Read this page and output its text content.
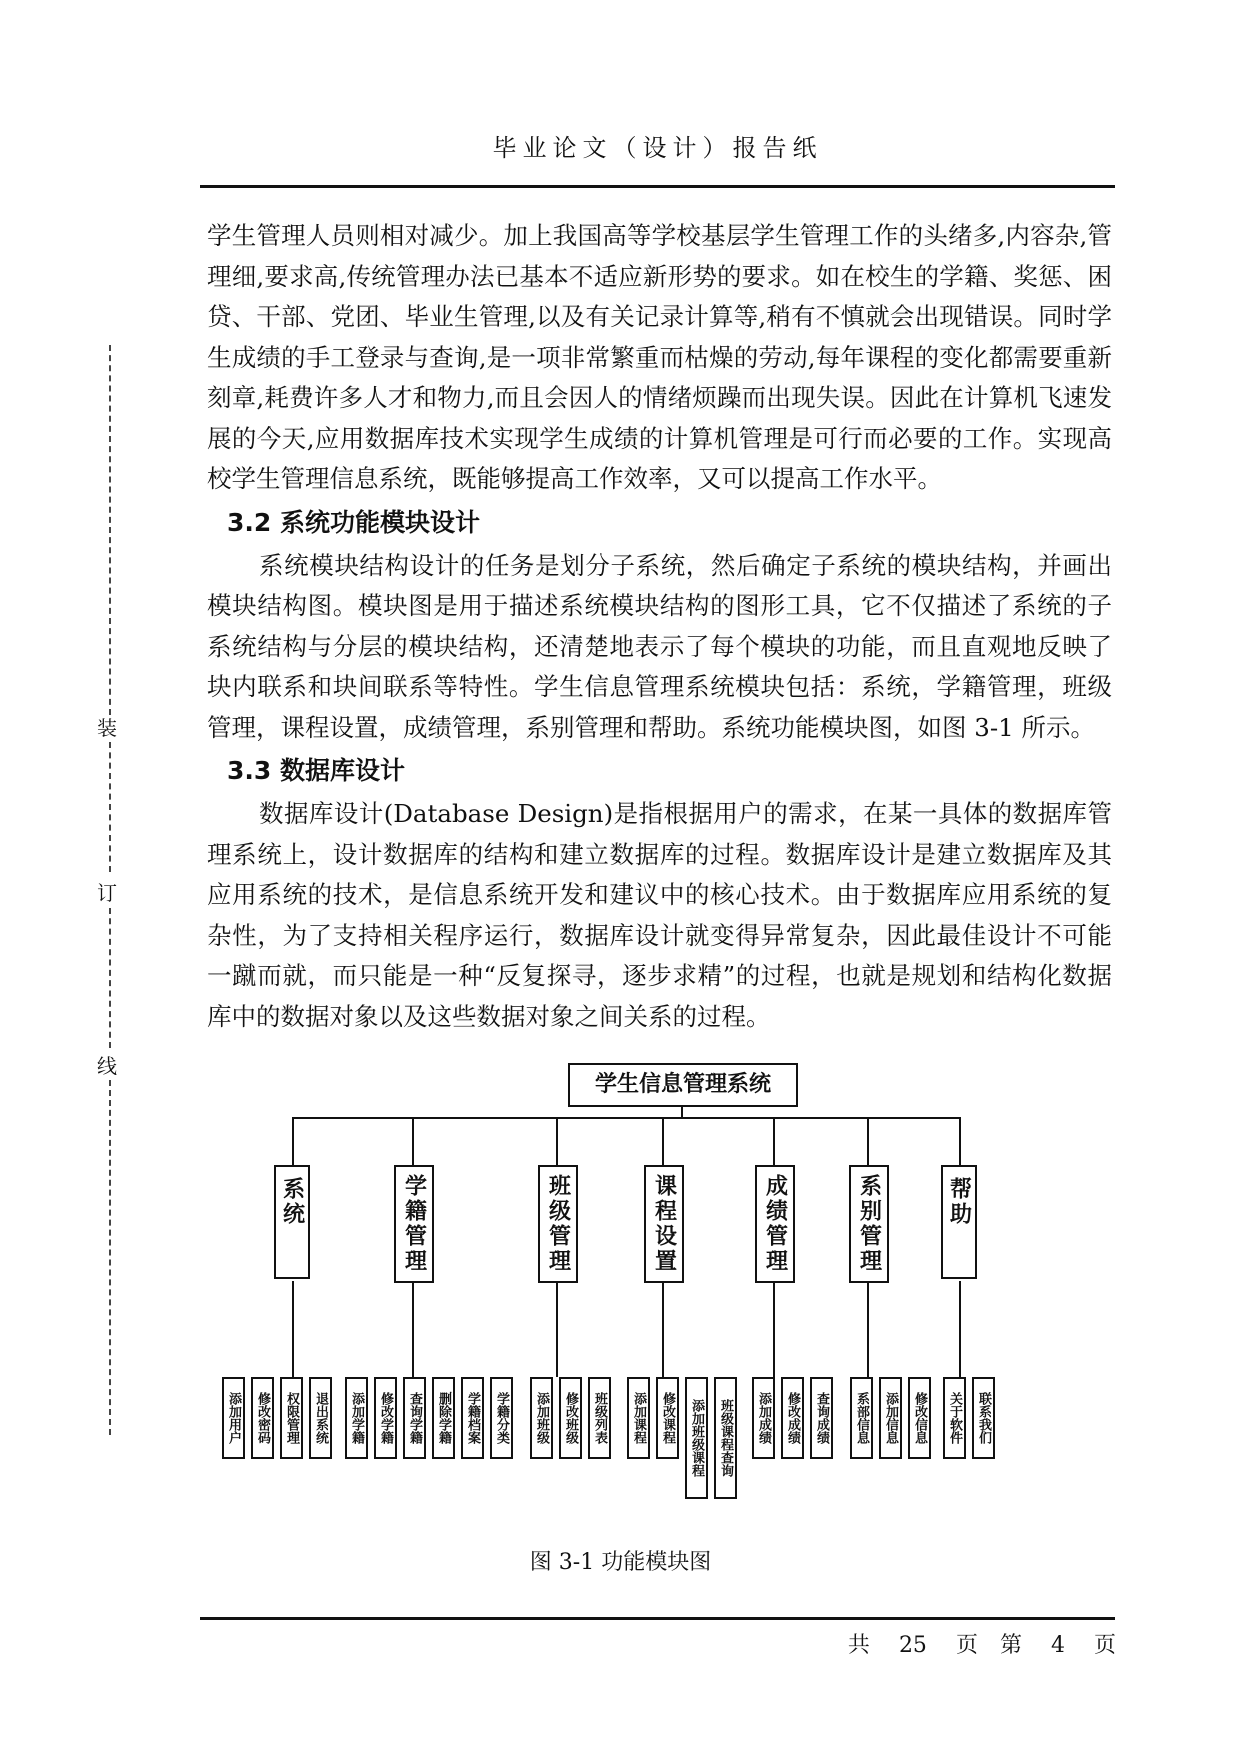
毕业论文（设计）报告纸
装
订
线

学生管理人员则相对减少。加上我国高等学校基层学生管理工作的头绪多,内容杂,管理细,要求高,传统管理办法已基本不适应新形势的要求。如在校生的学籍、奖惩、困贷、干部、党团、毕业生管理,以及有关记录计算等,稍有不慎就会出现错误。同时学生成绩的手工登录与查询,是一项非常繁重而枯燥的劳动,每年课程的变化都需要重新刻章,耗费许多人才和物力,而且会因人的情绪烦躁而出现失误。因此在计算机飞速发展的今天,应用数据库技术实现学生成绩的计算机管理是可行而必要的工作。实现高校学生管理信息系统，既能够提高工作效率，又可以提高工作水平。

3.2 系统功能模块设计

系统模块结构设计的任务是划分子系统，然后确定子系统的模块结构，并画出模块结构图。模块图是用于描述系统模块结构的图形工具，它不仅描述了系统的子系统结构与分层的模块结构，还清楚地表示了每个模块的功能，而且直观地反映了块内联系和块间联系等特性。学生信息管理系统模块包括：系统，学籍管理，班级管理，课程设置，成绩管理，系别管理和帮助。系统功能模块图，如图 3-1 所示。

3.3 数据库设计

数据库设计(Database Design)是指根据用户的需求，在某一具体的数据库管理系统上，设计数据库的结构和建立数据库的过程。数据库设计是建立数据库及其应用系统的技术，是信息系统开发和建议中的核心技术。由于数据库应用系统的复杂性，为了支持相关程序运行，数据库设计就变得异常复杂，因此最佳设计不可能一蹴而就，而只能是一种“反复探寻，逐步求精”的过程，也就是规划和结构化数据库中的数据对象以及这些数据对象之间关系的过程。

学生信息管理系统
系统
添加用户	修改密码	权限管理	退出系统
学籍管理
添加学籍	修改学籍	查询学籍	删除学籍	学籍档案	学籍分类
班级管理
添加班级	修改班级	班级列表
课程设置
添加课程	修改课程	添加班级课程	班级课程查询
成绩管理
添加成绩	修改成绩	查询成绩
系别管理
系部信息	添加信息	修改信息
帮助
关于软件	联系我们
图 3-1 功能模块图
共 25 页　 第 4 页
